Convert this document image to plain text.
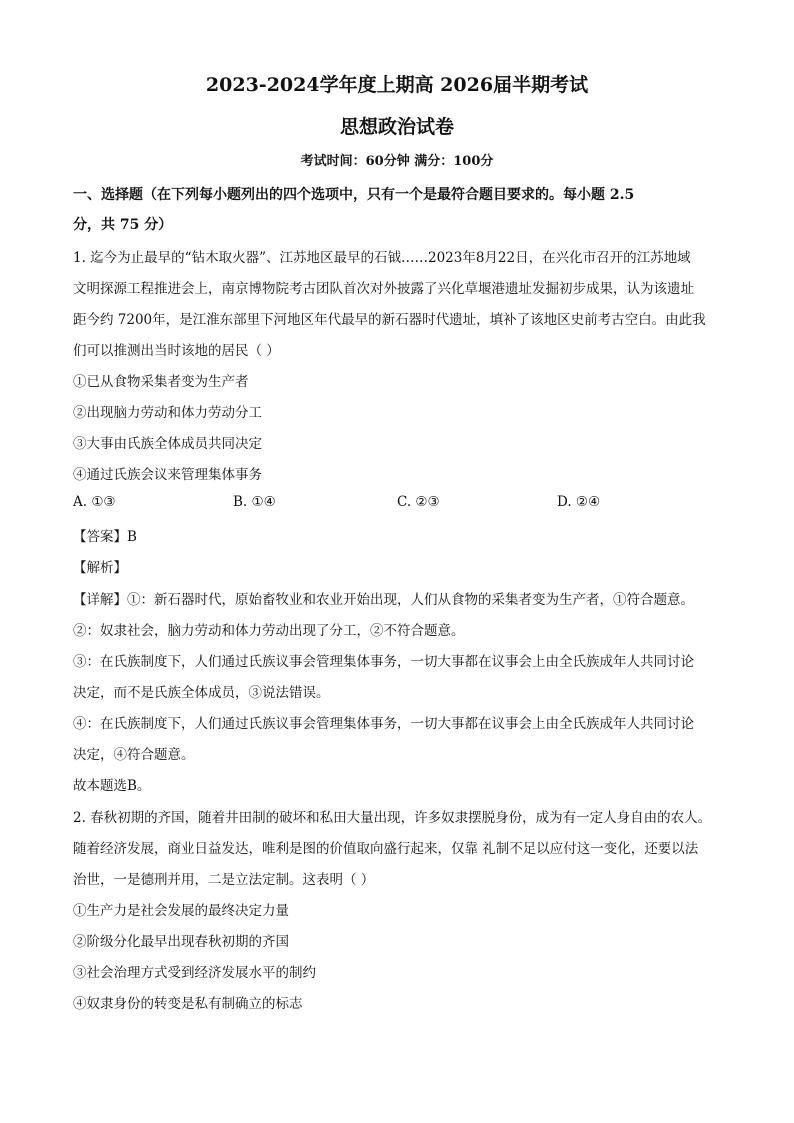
2023-2024学年度上期高 2026届半期考试
思想政治试卷
考试时间：60分钟 满分：100分
一、选择题（在下列每小题列出的四个选项中，只有一个是最符合题目要求的。每小题 2.5
分，共 75 分）
1. 迄今为止最早的“钻木取火器”、江苏地区最早的石钺……2023年8月22日，在兴化市召开的江苏地域
文明探源工程推进会上，南京博物院考古团队首次对外披露了兴化草堰港遗址发掘初步成果，认为该遗址
距今约 7200年，是江淮东部里下河地区年代最早的新石器时代遗址，填补了该地区史前考古空白。由此我
们可以推测出当时该地的居民（ ）
①已从食物采集者变为生产者
②出现脑力劳动和体力劳动分工
③大事由氏族全体成员共同决定
④通过氏族会议来管理集体事务
A. ①③	B. ①④	C. ②③	D. ②④
【答案】B
【解析】
【详解】①：新石器时代，原始畜牧业和农业开始出现，人们从食物的采集者变为生产者，①符合题意。
②：奴隶社会，脑力劳动和体力劳动出现了分工，②不符合题意。
③：在氏族制度下，人们通过氏族议事会管理集体事务，一切大事都在议事会上由全氏族成年人共同讨论
决定，而不是氏族全体成员，③说法错误。
④：在氏族制度下，人们通过氏族议事会管理集体事务，一切大事都在议事会上由全氏族成年人共同讨论
决定，④符合题意。
故本题选B。
2. 春秋初期的齐国，随着井田制的破坏和私田大量出现，许多奴隶摆脱身份，成为有一定人身自由的农人。
随着经济发展，商业日益发达，唯利是图的价值取向盛行起来，仅靠 礼制不足以应付这一变化，还要以法
治世，一是德刑并用，二是立法定制。这表明（ ）
①生产力是社会发展的最终决定力量
②阶级分化最早出现春秋初期的齐国
③社会治理方式受到经济发展水平的制约
④奴隶身份的转变是私有制确立的标志
